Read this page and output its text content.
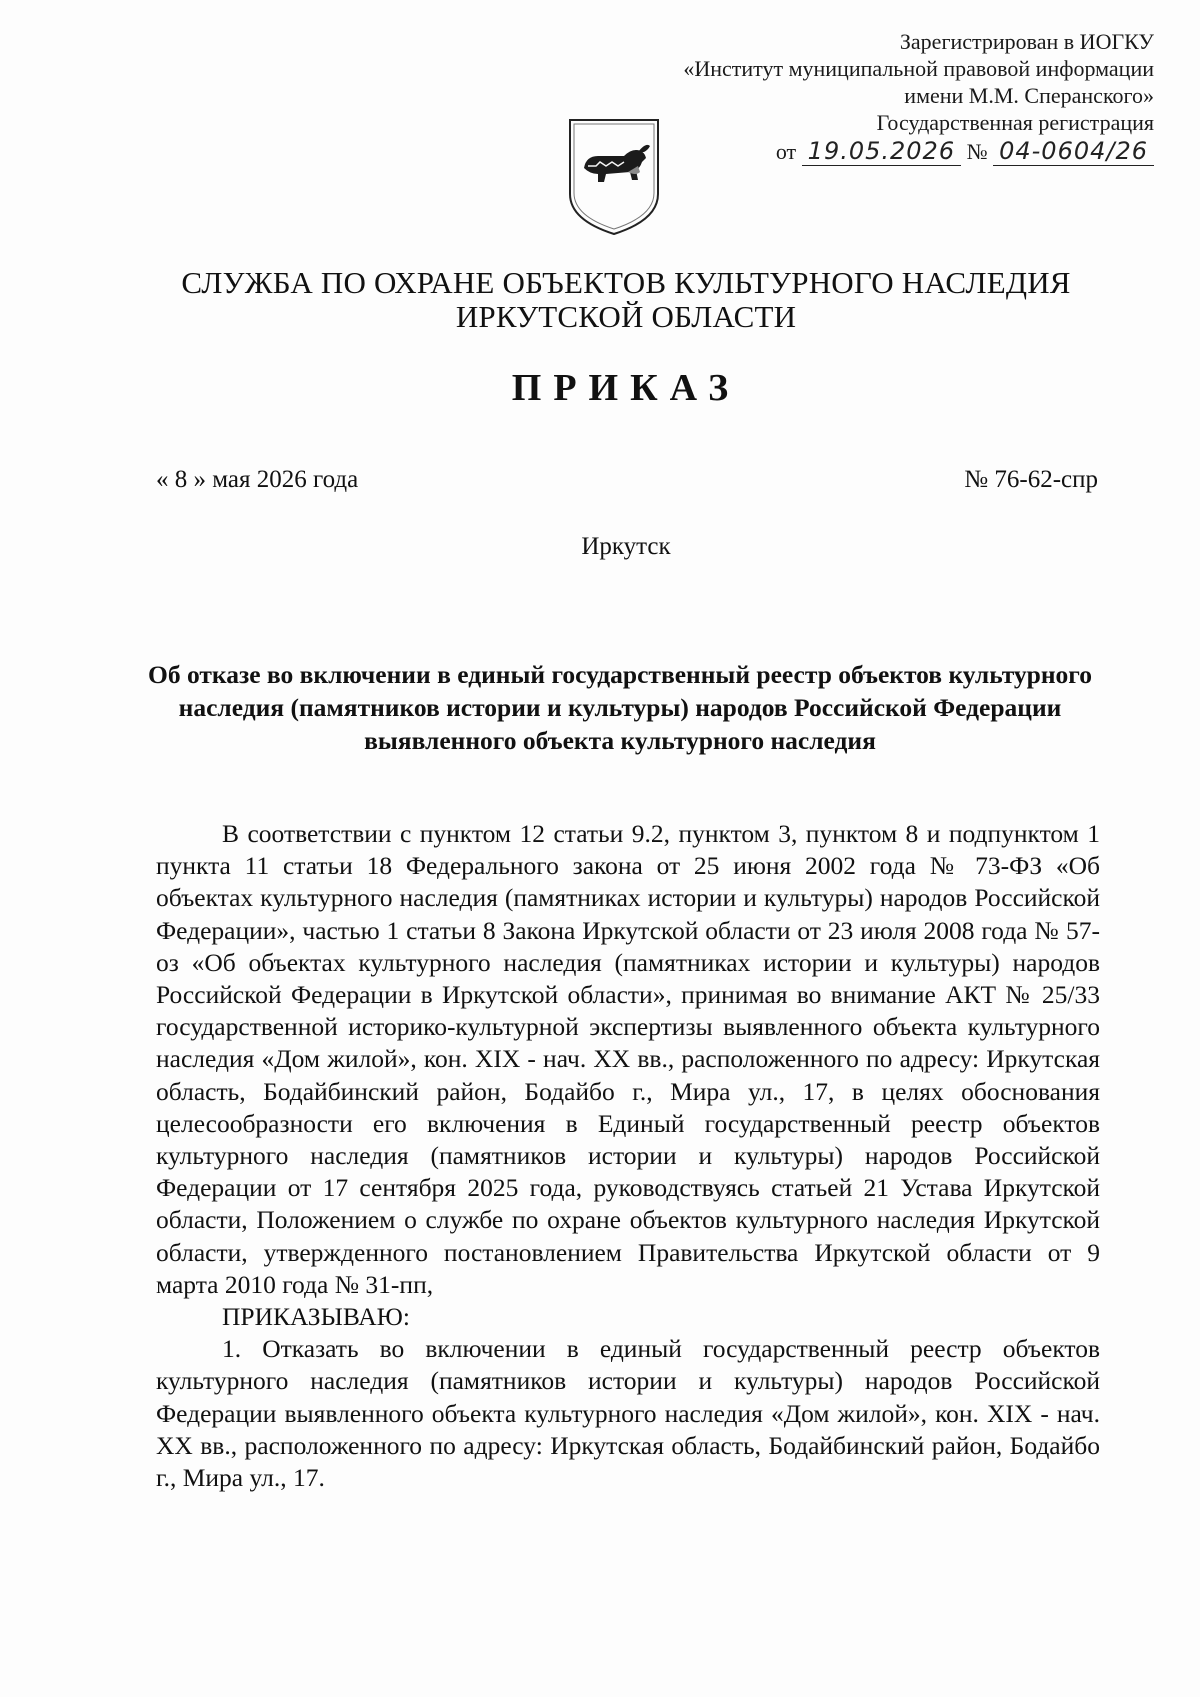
Зарегистрирован в ИОГКУ
«Институт муниципальной правовой информации
имени М.М. Сперанского»
Государственная регистрация
от 19.05.2026 № 04-0604/26
СЛУЖБА ПО ОХРАНЕ ОБЪЕКТОВ КУЛЬТУРНОГО НАСЛЕДИЯ
ИРКУТСКОЙ ОБЛАСТИ
ПРИКАЗ
« 8 » мая 2026 года	№ 76-62-спр
Иркутск
Об отказе во включении в единый государственный реестр объектов культурного наследия (памятников истории и культуры) народов Российской Федерации выявленного объекта культурного наследия

В соответствии с пунктом 12 статьи 9.2, пунктом 3, пунктом 8 и подпунктом 1 пункта 11 статьи 18 Федерального закона от 25 июня 2002 года № 73-ФЗ «Об объектах культурного наследия (памятниках истории и культуры) народов Российской Федерации», частью 1 статьи 8 Закона Иркутской области от 23 июля 2008 года № 57-оз «Об объектах культурного наследия (памятниках истории и культуры) народов Российской Федерации в Иркутской области», принимая во внимание АКТ № 25/33 государственной историко-культурной экспертизы выявленного объекта культурного наследия «Дом жилой», кон. XIX - нач. XX вв., расположенного по адресу: Иркутская область, Бодайбинский район, Бодайбо г., Мира ул., 17, в целях обоснования целесообразности его включения в Единый государственный реестр объектов культурного наследия (памятников истории и культуры) народов Российской Федерации от 17 сентября 2025 года, руководствуясь статьей 21 Устава Иркутской области, Положением о службе по охране объектов культурного наследия Иркутской области, утвержденного постановлением Правительства Иркутской области от 9 марта 2010 года № 31-пп,

ПРИКАЗЫВАЮ:

1. Отказать во включении в единый государственный реестр объектов культурного наследия (памятников истории и культуры) народов Российской Федерации выявленного объекта культурного наследия «Дом жилой», кон. XIX - нач. XX вв., расположенного по адресу: Иркутская область, Бодайбинский район, Бодайбо г., Мира ул., 17.
